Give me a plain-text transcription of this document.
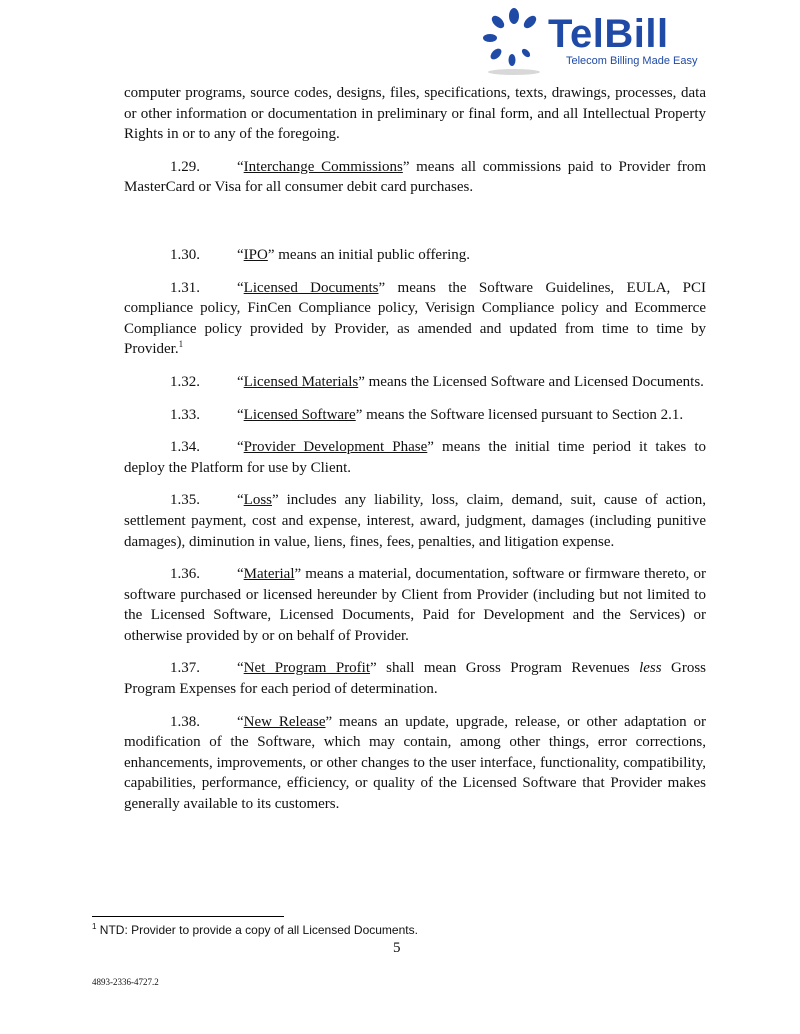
TelBill
Telecom Billing Made Easy

computer programs, source codes, designs, files, specifications, texts, drawings, processes, data or other information or documentation in preliminary or final form, and all Intellectual Property Rights in or to any of the foregoing.

1.29. “Interchange Commissions” means all commissions paid to Provider from MasterCard or Visa for all consumer debit card purchases.

1.30. “IPO” means an initial public offering.

1.31. “Licensed Documents” means the Software Guidelines, EULA, PCI compliance policy, FinCen Compliance policy, Verisign Compliance policy and Ecommerce Compliance policy provided by Provider, as amended and updated from time to time by Provider.$^1$

1.32. “Licensed Materials” means the Licensed Software and Licensed Documents.

1.33. “Licensed Software” means the Software licensed pursuant to Section 2.1.

1.34. “Provider Development Phase” means the initial time period it takes to deploy the Platform for use by Client.

1.35. “Loss” includes any liability, loss, claim, demand, suit, cause of action, settlement payment, cost and expense, interest, award, judgment, damages (including punitive damages), diminution in value, liens, fines, fees, penalties, and litigation expense.

1.36. “Material” means a material, documentation, software or firmware thereto, or software purchased or licensed hereunder by Client from Provider (including but not limited to the Licensed Software, Licensed Documents, Paid for Development and the Services) or otherwise provided by or on behalf of Provider.

1.37. “Net Program Profit” shall mean Gross Program Revenues less Gross Program Expenses for each period of determination.

1.38. “New Release” means an update, upgrade, release, or other adaptation or modification of the Software, which may contain, among other things, error corrections, enhancements, improvements, or other changes to the user interface, functionality, compatibility, capabilities, performance, efficiency, or quality of the Licensed Software that Provider makes generally available to its customers.

$^1$ NTD: Provider to provide a copy of all Licensed Documents.
5
4893-2336-4727.2
